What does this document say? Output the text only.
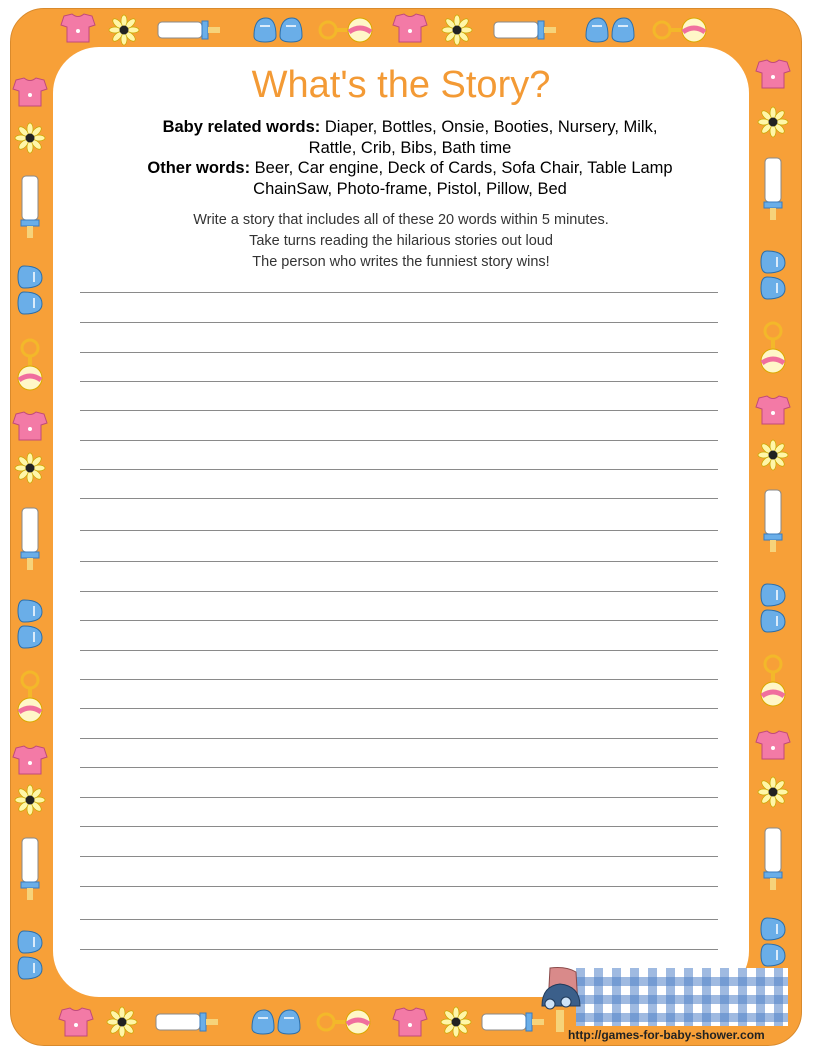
What's the Story?
Baby related words: Diaper, Bottles, Onsie, Booties, Nursery, Milk,
Rattle, Crib, Bibs, Bath time
Other words: Beer, Car engine, Deck of Cards, Sofa Chair, Table Lamp
ChainSaw, Photo-frame, Pistol, Pillow, Bed
Write a story that includes all of these 20 words within 5 minutes.
Take turns reading the hilarious stories out loud
The person who writes the funniest story wins!
http://games-for-baby-shower.com
